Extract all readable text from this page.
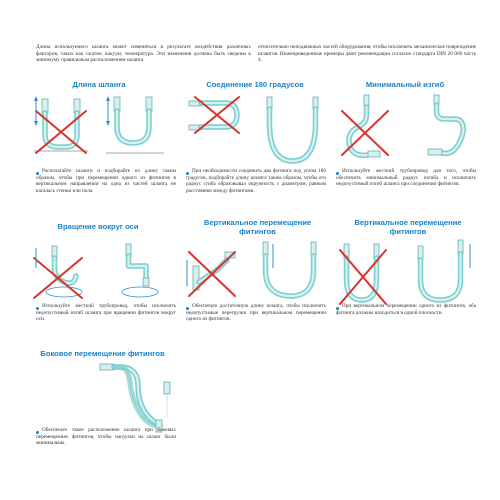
Длина используемого шланга может изменяться в результате воздействия различных факторов, таких как сжатие, вакуум, температура. Эти изменения должны быть сведены к минимуму правильным расположением шланга
относительно неподвижных частей оборудования, чтобы исключить механическое повреждение шлангов. Нижеприведенные примеры дают рекомендации согласно стандарта DIN 20 066 часть 4.
Длина шланга
Располагайте шланги и подбирайте их длину таким образом, чтобы при перемещении одного из фитингов в вертикальном направлении на одна из частей шланга не касалась стенки или пола.
Соединение 180 градусов
При необходимости соединить два фитинга под углом 180 градусов, подбирайте длину шланга таким образом, чтобы его радиус сгиба образовывал окружность с диаметром, равным расстоянию между фитингами.
Минимальный изгиб
Используйте жесткий трубопровод для того, чтобы обеспечить минимальный радиус изгиба и исключить недопустимый изгиб шланга при соединении фитингов.
Вращение вокруг оси
Используйте жесткий трубопровод, чтобы исключить недопустимый изгиб шланга при вращении фитингов вокруг оси.
Вертикальное перемещение фитингов
Обеспечьте достаточную длину шланга, чтобы исключить недопустимые перегрузки при вертикальном перемещении одного из фитингов.
Вертикальное перемещение фитингов
При вертикальном перемещении одного из фитингов, оба фитинга должны находиться в одной плоскости.
Боковое перемещение фитингов
Обеспечьте такое расположение шланга при боковых перемещениях фитингов, чтобы нагрузки на шланг были минимальны.
